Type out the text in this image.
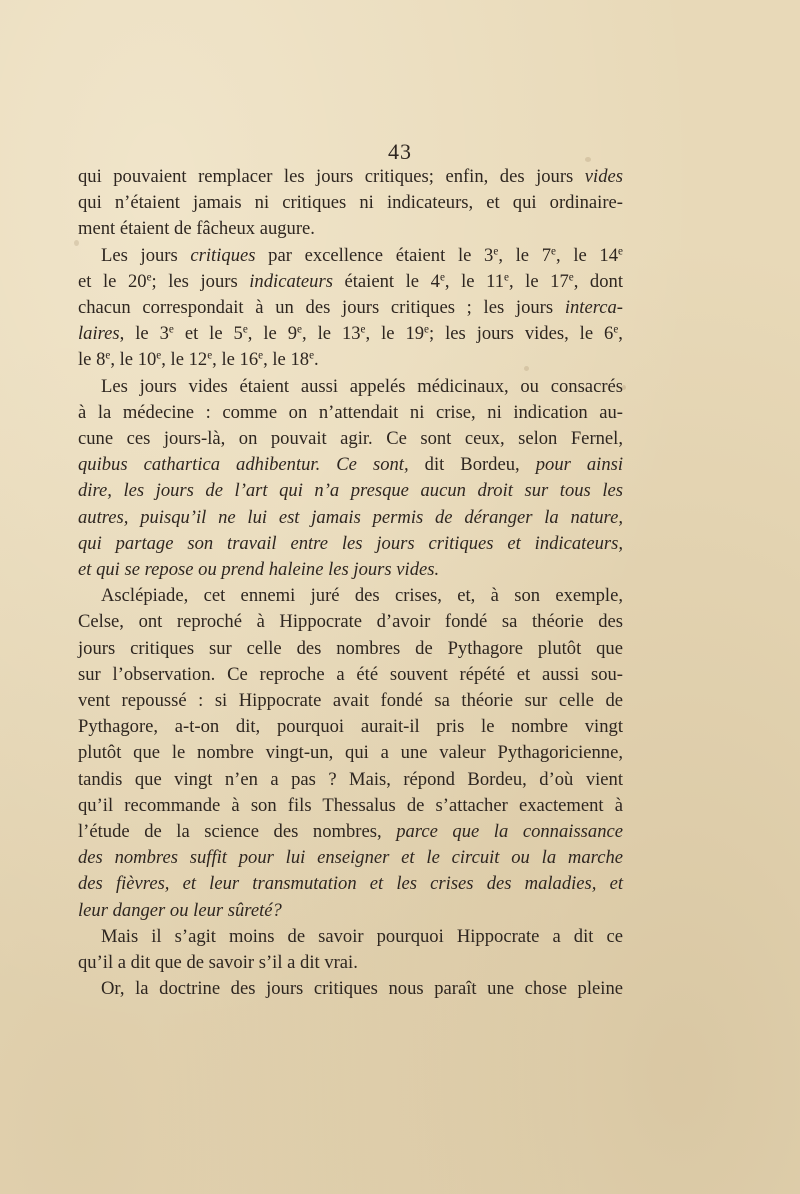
43

qui pouvaient remplacer les jours critiques; enfin, des jours vides
qui n’étaient jamais ni critiques ni indicateurs, et qui ordinaire-
ment étaient de fâcheux augure.

Les jours critiques par excellence étaient le 3e, le 7e, le 14e
et le 20e; les jours indicateurs étaient le 4e, le 11e, le 17e, dont
chacun correspondait à un des jours critiques ; les jours interca-
laires, le 3e et le 5e, le 9e, le 13e, le 19e; les jours vides, le 6e,
le 8e, le 10e, le 12e, le 16e, le 18e.

Les jours vides étaient aussi appelés médicinaux, ou consacrés
à la médecine : comme on n’attendait ni crise, ni indication au-
cune ces jours-là, on pouvait agir. Ce sont ceux, selon Fernel,
quibus cathartica adhibentur. Ce sont, dit Bordeu, pour ainsi
dire, les jours de l’art qui n’a presque aucun droit sur tous les
autres, puisqu’il ne lui est jamais permis de déranger la nature,
qui partage son travail entre les jours critiques et indicateurs,
et qui se repose ou prend haleine les jours vides.

Asclépiade, cet ennemi juré des crises, et, à son exemple,
Celse, ont reproché à Hippocrate d’avoir fondé sa théorie des
jours critiques sur celle des nombres de Pythagore plutôt que
sur l’observation. Ce reproche a été souvent répété et aussi sou-
vent repoussé : si Hippocrate avait fondé sa théorie sur celle de
Pythagore, a-t-on dit, pourquoi aurait-il pris le nombre vingt
plutôt que le nombre vingt-un, qui a une valeur Pythagoricienne,
tandis que vingt n’en a pas ? Mais, répond Bordeu, d’où vient
qu’il recommande à son fils Thessalus de s’attacher exactement à
l’étude de la science des nombres, parce que la connaissance
des nombres suffit pour lui enseigner et le circuit ou la marche
des fièvres, et leur transmutation et les crises des maladies, et
leur danger ou leur sûreté?

Mais il s’agit moins de savoir pourquoi Hippocrate a dit ce
qu’il a dit que de savoir s’il a dit vrai.

Or, la doctrine des jours critiques nous paraît une chose pleine
